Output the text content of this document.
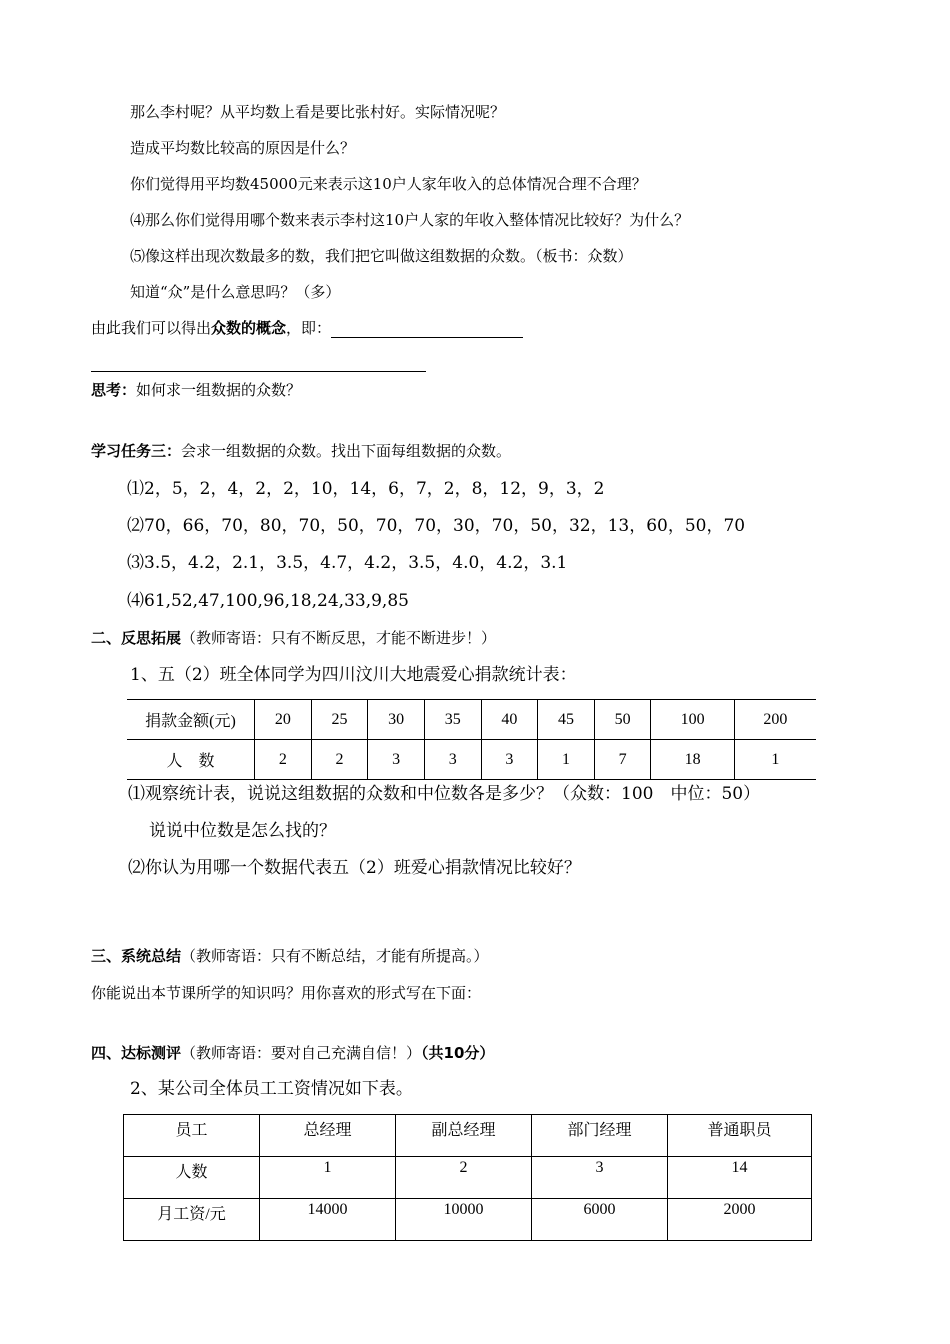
那么李村呢？从平均数上看是要比张村好。实际情况呢？
造成平均数比较高的原因是什么？
你们觉得用平均数45000元来表示这10户人家年收入的总体情况合理不合理？
⑷那么你们觉得用哪个数来表示李村这10户人家的年收入整体情况比较好？为什么？
⑸像这样出现次数最多的数，我们把它叫做这组数据的众数。（板书：众数）
知道“众”是什么意思吗？（多）
由此我们可以得出众数的概念，即：
思考：如何求一组数据的众数？
学习任务三：会求一组数据的众数。找出下面每组数据的众数。
⑴2，5，2，4，2，2，10，14，6，7，2，8，12，9，3，2
⑵70，66，70，80，70，50，70，70，30，70，50，32，13，60，50，70
⑶3.5，4.2，2.1，3.5，4.7，4.2，3.5，4.0，4.2，3.1
⑷61,52,47,100,96,18,24,33,9,85
二、反思拓展（教师寄语：只有不断反思，才能不断进步！）
1、五（2）班全体同学为四川汶川大地震爱心捐款统计表：
捐款金额(元)	20	25	30	35	40	45	50	100	200
人　数	2	2	3	3	3	1	7	18	1
⑴观察统计表，说说这组数据的众数和中位数各是多少？（众数：100　中位：50）
说说中位数是怎么找的？
⑵你认为用哪一个数据代表五（2）班爱心捐款情况比较好？
三、系统总结（教师寄语：只有不断总结，才能有所提高。）
你能说出本节课所学的知识吗？用你喜欢的形式写在下面：
四、达标测评（教师寄语：要对自己充满自信！）（共10分）
2、某公司全体员工工资情况如下表。
员工	总经理	副总经理	部门经理	普通职员
人数	1	2	3	14
月工资/元	14000	10000	6000	2000
